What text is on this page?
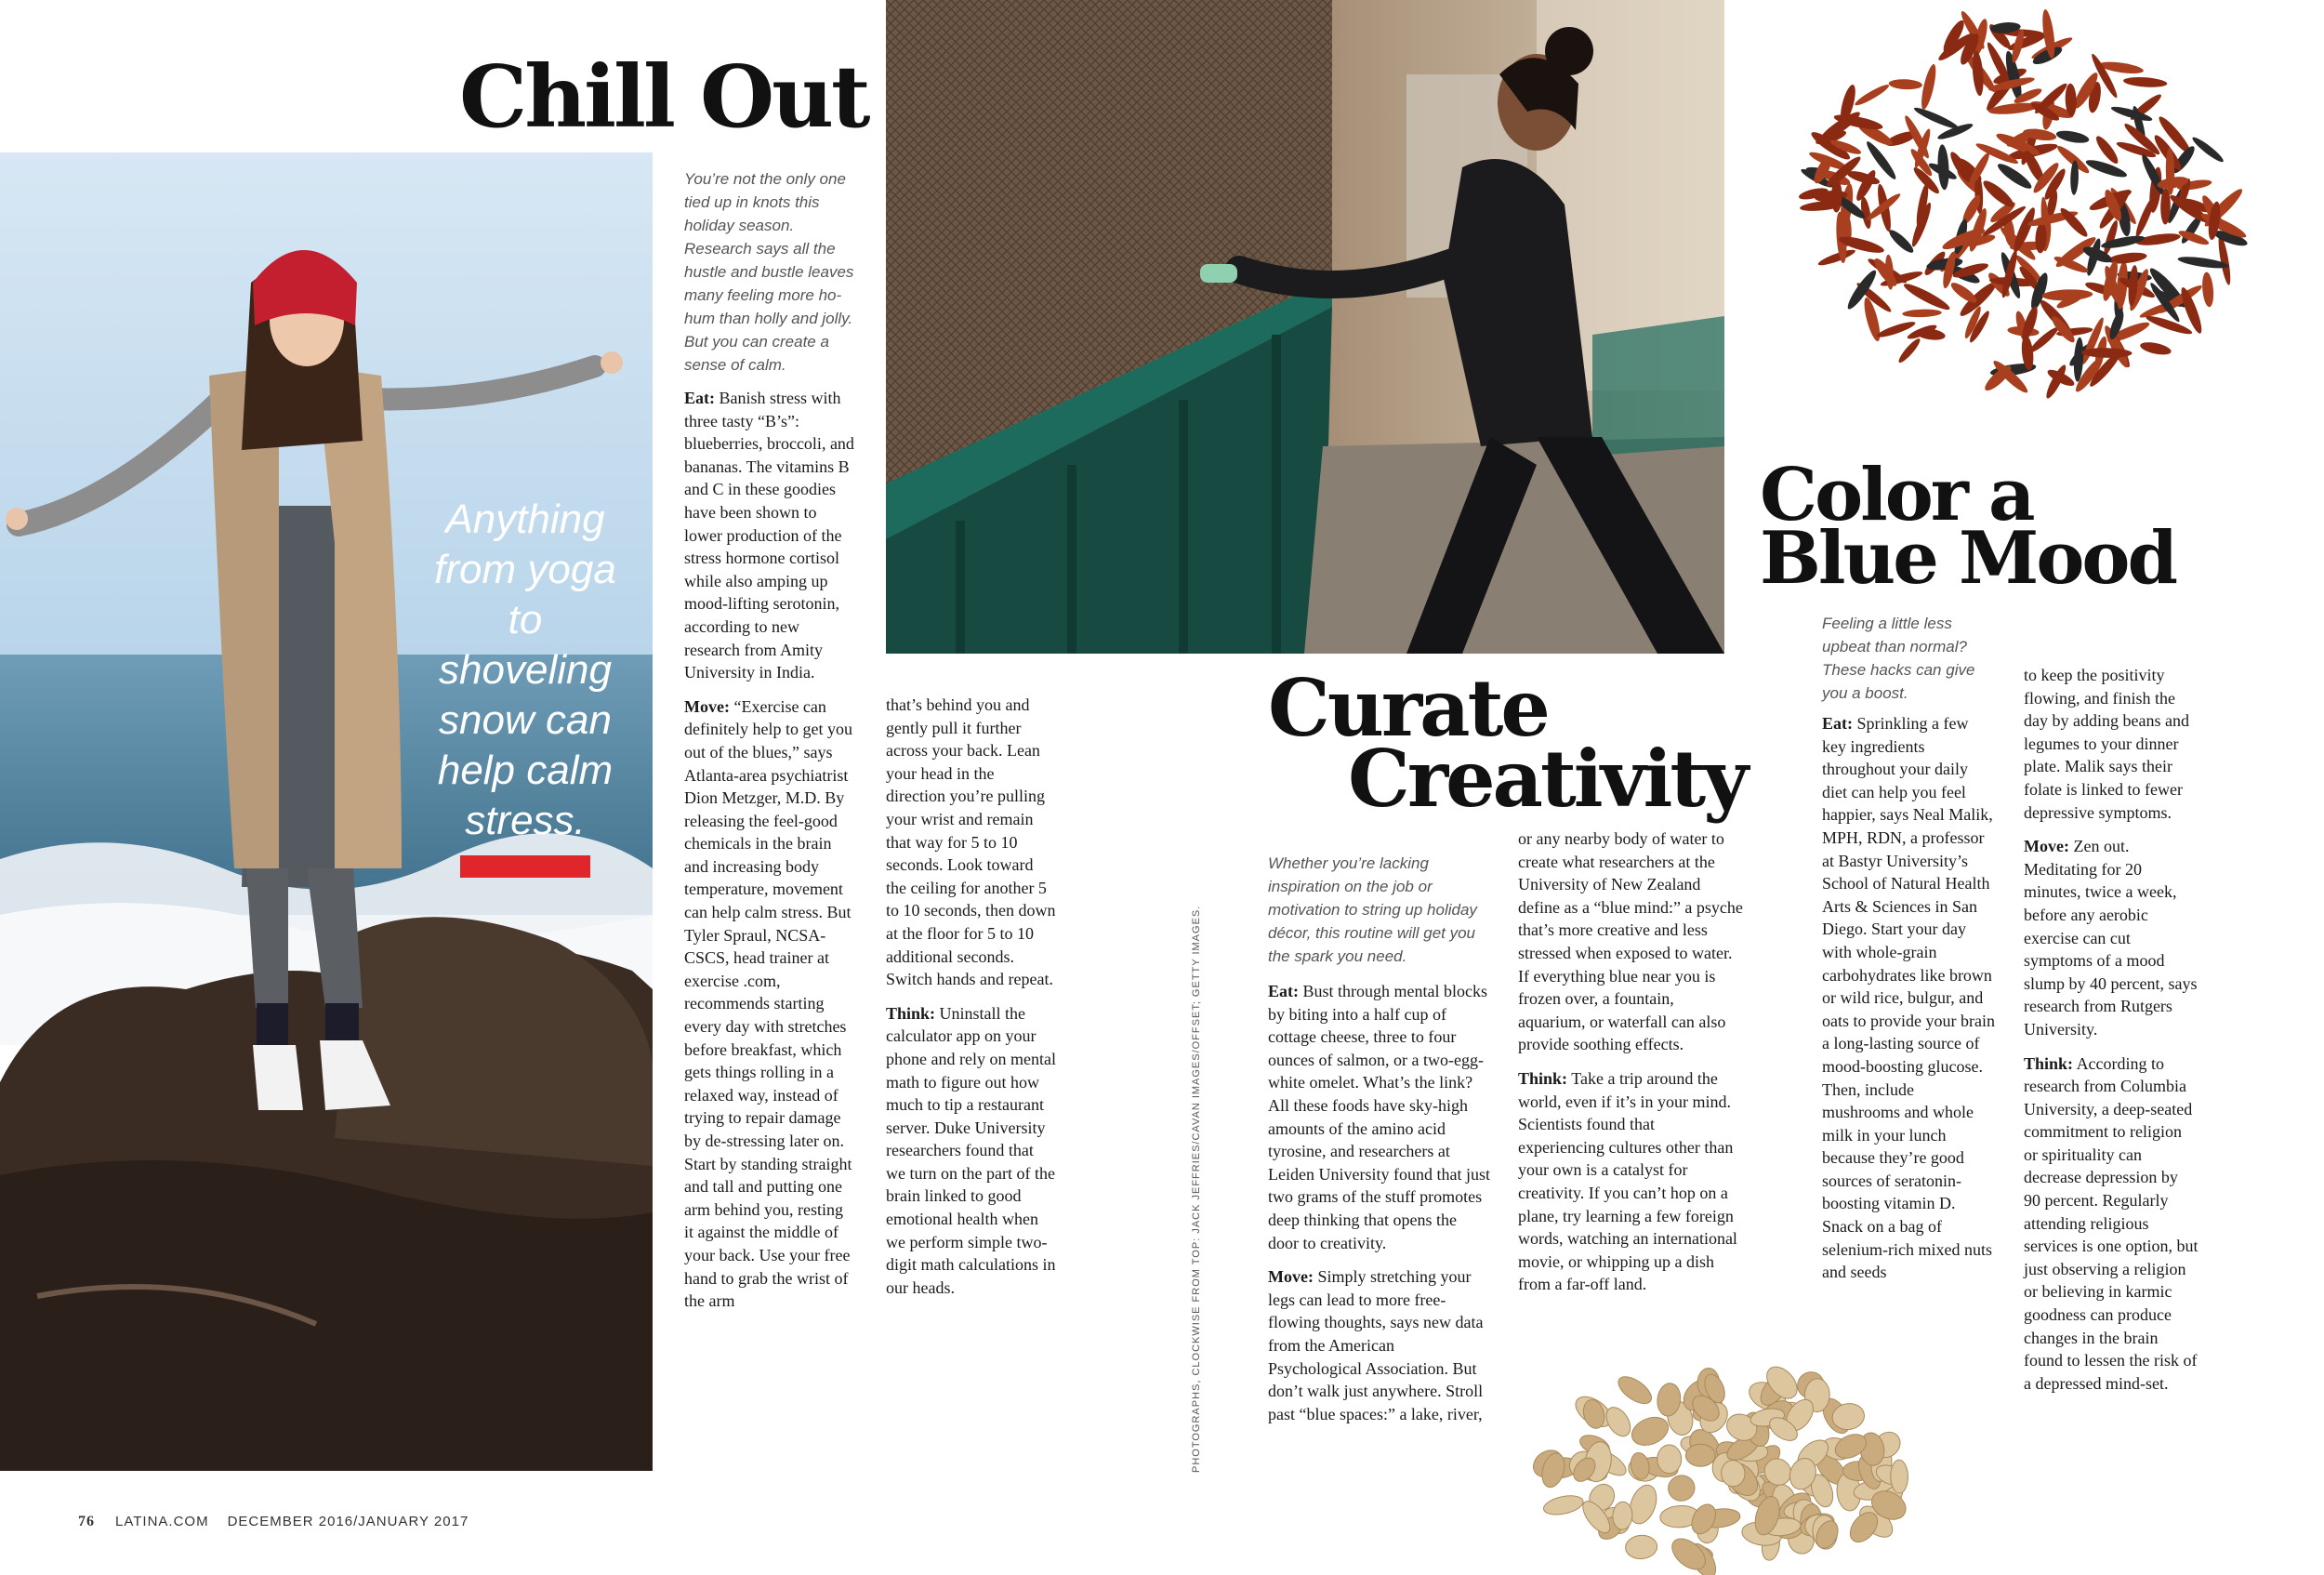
Chill Out
Anything from yoga to shoveling snow can help calm stress.
You’re not the only one tied up in knots this holiday season. Research says all the hustle and bustle leaves many feeling more ho-hum than holly and jolly. But you can create a sense of calm.

Eat: Banish stress with three tasty “B’s”: blueberries, broccoli, and bananas. The vitamins B and C in these goodies have been shown to lower production of the stress hormone cortisol while also amping up mood-lifting serotonin, according to new research from Amity University in India.

Move: “Exercise can definitely help to get you out of the blues,” says Atlanta-area psychiatrist Dion Metzger, M.D. By releasing the feel-good chemicals in the brain and increasing body temperature, movement can help calm stress. But Tyler Spraul, NCSA-CSCS, head trainer at exercise .com, recommends starting every day with stretches before breakfast, which gets things rolling in a relaxed way, instead of trying to repair damage by de-stressing later on. Start by standing straight and tall and putting one arm behind you, resting it against the middle of your back. Use your free hand to grab the wrist of the arm

that’s behind you and gently pull it further across your back. Lean your head in the direction you’re pulling your wrist and remain that way for 5 to 10 seconds. Look toward the ceiling for another 5 to 10 seconds, then down at the floor for 5 to 10 additional seconds. Switch hands and repeat.

Think: Uninstall the calculator app on your phone and rely on mental math to figure out how much to tip a restaurant server. Duke University researchers found that we turn on the part of the brain linked to good emotional health when we perform simple two-digit math calculations in our heads.	PHOTOGRAPHS, CLOCKWISE FROM TOP: JACK JEFFRIES/CAVAN IMAGES/OFFSET; GETTY IMAGES.
76 LATINA.COM DECEMBER 2016/JANUARY 2017
Color a
Blue Mood
Feeling a little less upbeat than normal? These hacks can give you a boost.

Eat: Sprinkling a few key ingredients throughout your daily diet can help you feel happier, says Neal Malik, MPH, RDN, a professor at Bastyr University’s School of Natural Health Arts & Sciences in San Diego. Start your day with whole-grain carbohydrates like brown or wild rice, bulgur, and oats to provide your brain a long-lasting source of mood-boosting glucose. Then, include mushrooms and whole milk in your lunch because they’re good sources of seratonin-boosting vitamin D. Snack on a bag of selenium-rich mixed nuts and seeds

to keep the positivity flowing, and finish the day by adding beans and legumes to your dinner plate. Malik says their folate is linked to fewer depressive symptoms.

Move: Zen out. Meditating for 20 minutes, twice a week, before any aerobic exercise can cut symptoms of a mood slump by 40 percent, says research from Rutgers University.

Think: According to research from Columbia University, a deep-seated commitment to religion or spirituality can decrease depression by 90 percent. Regularly attending religious services is one option, but just observing a religion or believing in karmic goodness can produce changes in the brain found to lessen the risk of a depressed mind-set.

Curate
Creativity
Whether you’re lacking inspiration on the job or motivation to string up holiday décor, this routine will get you the spark you need.

Eat: Bust through mental blocks by biting into a half cup of cottage cheese, three to four ounces of salmon, or a two-egg-white omelet. What’s the link? All these foods have sky-high amounts of the amino acid tyrosine, and researchers at Leiden University found that just two grams of the stuff promotes deep thinking that opens the door to creativity.

Move: Simply stretching your legs can lead to more free-flowing thoughts, says new data from the American Psychological Association. But don’t walk just anywhere. Stroll past “blue spaces:” a lake, river,

or any nearby body of water to create what researchers at the University of New Zealand define as a “blue mind:” a psyche that’s more creative and less stressed when exposed to water. If everything blue near you is frozen over, a fountain, aquarium, or waterfall can also provide soothing effects.

Think: Take a trip around the world, even if it’s in your mind. Scientists found that experiencing cultures other than your own is a catalyst for creativity. If you can’t hop on a plane, try learning a few foreign words, watching an international movie, or whipping up a dish from a far-off land.
